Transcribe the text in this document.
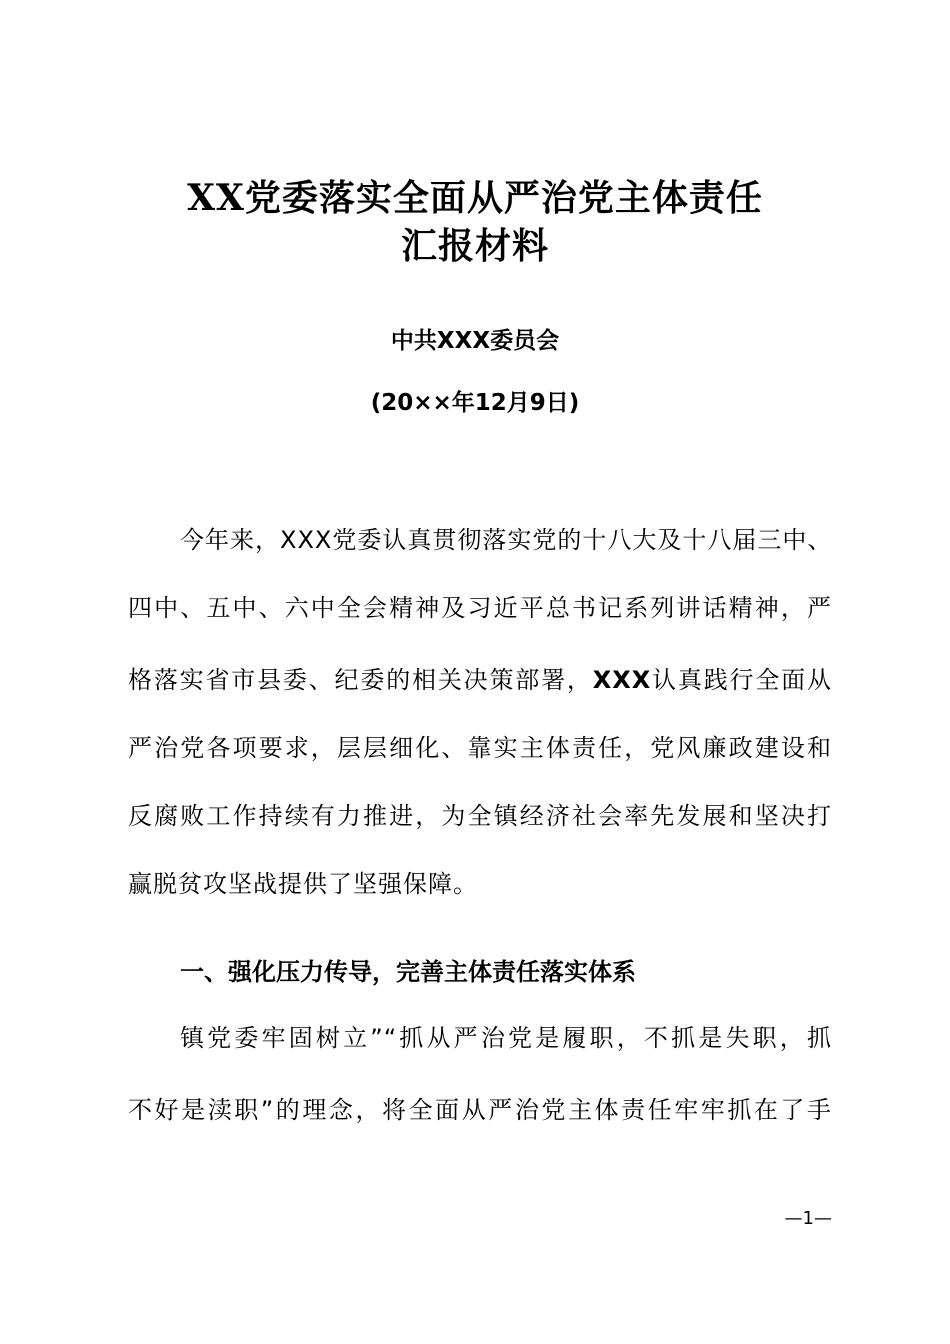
XX党委落实全面从严治党主体责任
汇报材料
中共XXX委员会
(20××年12月9日)
今年来，XXX党委认真贯彻落实党的十八大及十八届三中、
四中、五中、六中全会精神及习近平总书记系列讲话精神，严
格落实省市县委、纪委的相关决策部署，XXX认真践行全面从
严治党各项要求，层层细化、靠实主体责任，党风廉政建设和
反腐败工作持续有力推进，为全镇经济社会率先发展和坚决打
赢脱贫攻坚战提供了坚强保障。
一、强化压力传导，完善主体责任落实体系
镇党委牢固树立”“抓从严治党是履职，不抓是失职，抓
不好是渎职”的理念，将全面从严治党主体责任牢牢抓在了手
—1—
